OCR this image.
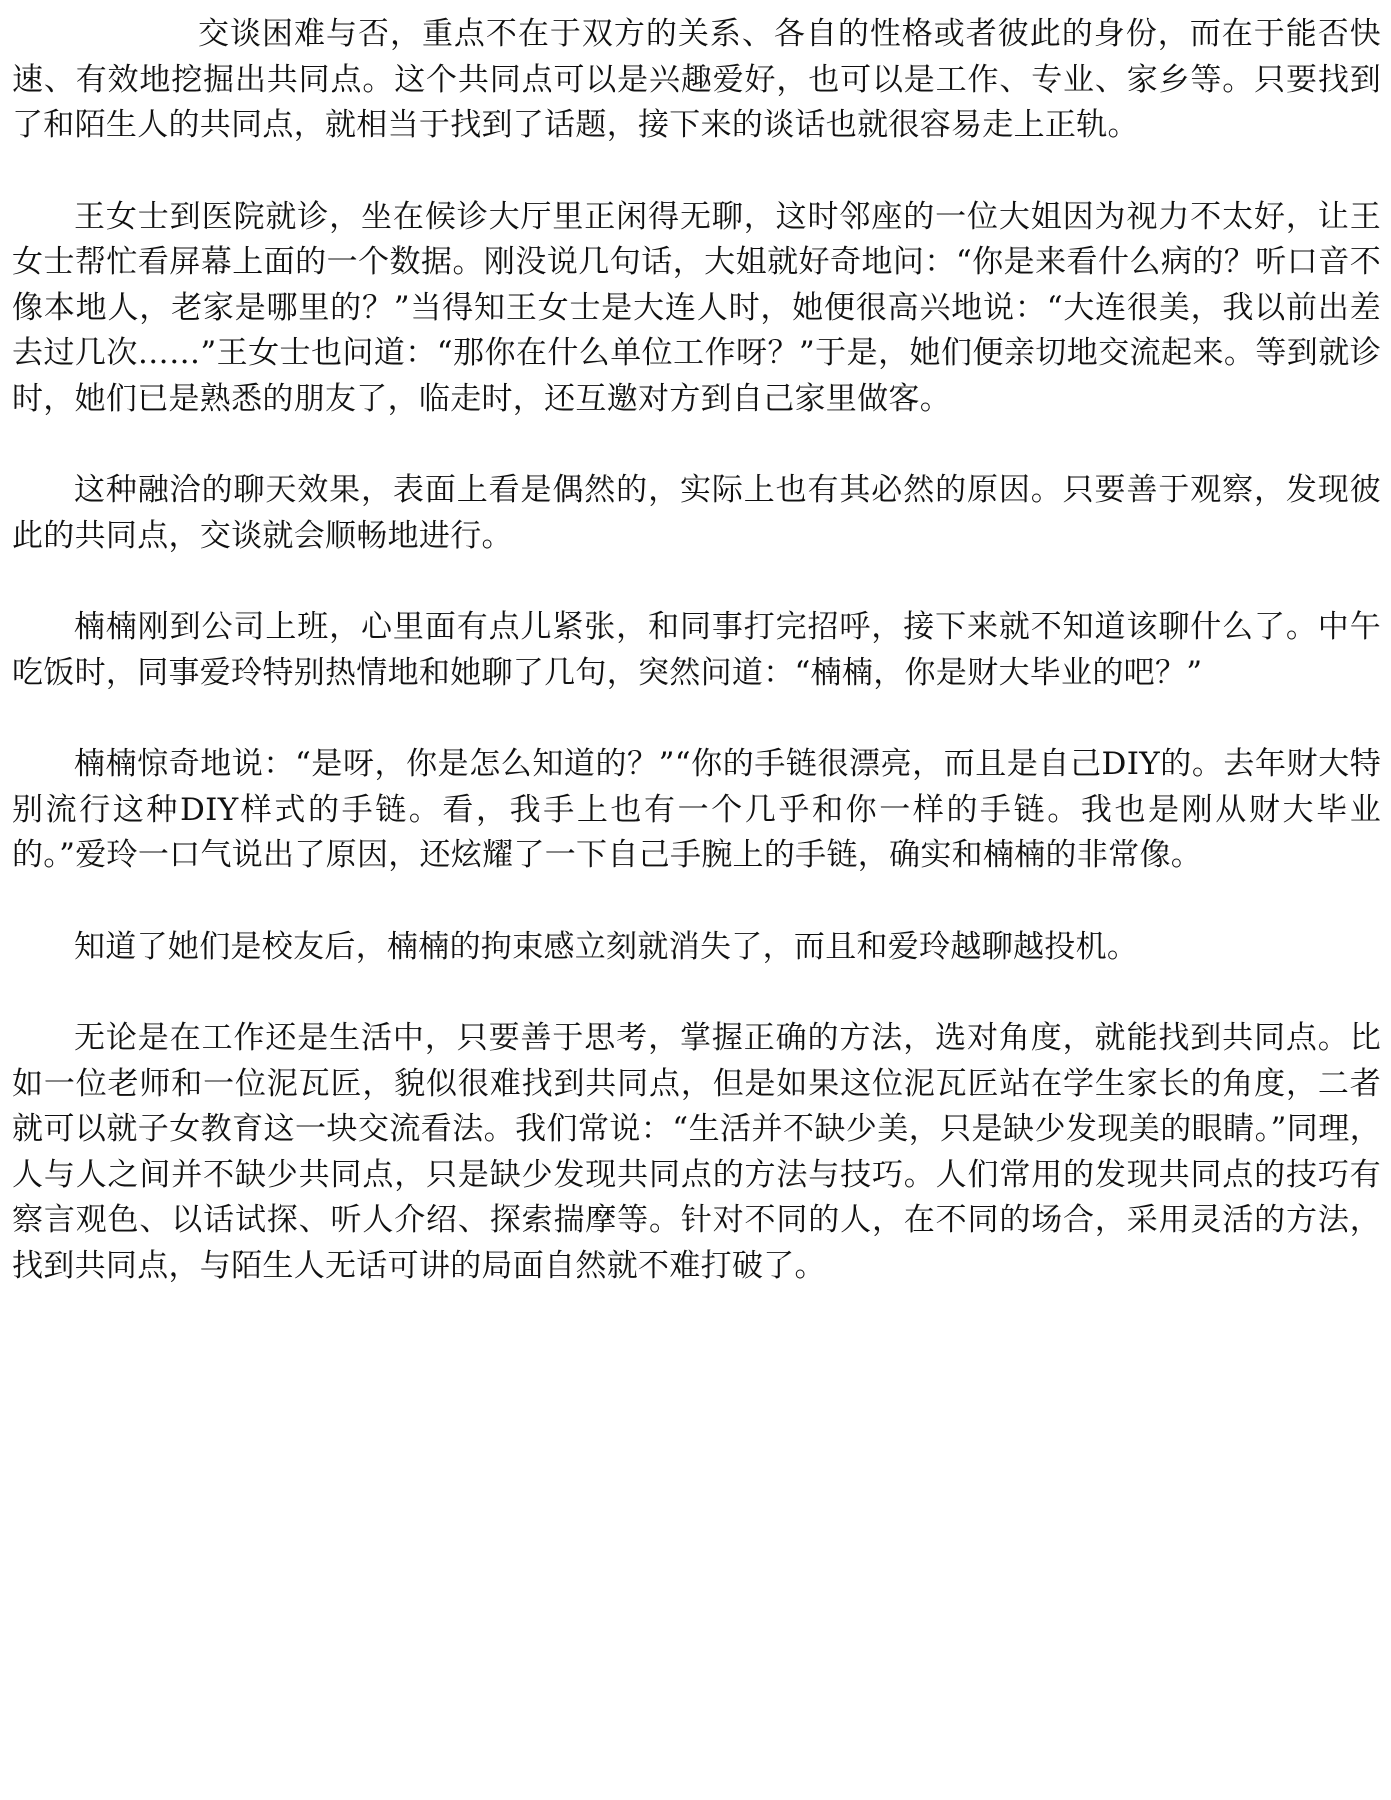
交谈困难与否，重点不在于双方的关系、各自的性格或者彼此的身份，而在于能否快速、有效地挖掘出共同点。这个共同点可以是兴趣爱好，也可以是工作、专业、家乡等。只要找到了和陌生人的共同点，就相当于找到了话题，接下来的谈话也就很容易走上正轨。

王女士到医院就诊，坐在候诊大厅里正闲得无聊，这时邻座的一位大姐因为视力不太好，让王女士帮忙看屏幕上面的一个数据。刚没说几句话，大姐就好奇地问：“你是来看什么病的？听口音不像本地人，老家是哪里的？”当得知王女士是大连人时，她便很高兴地说：“大连很美，我以前出差去过几次……”王女士也问道：“那你在什么单位工作呀？”于是，她们便亲切地交流起来。等到就诊时，她们已是熟悉的朋友了，临走时，还互邀对方到自己家里做客。

这种融洽的聊天效果，表面上看是偶然的，实际上也有其必然的原因。只要善于观察，发现彼此的共同点，交谈就会顺畅地进行。

楠楠刚到公司上班，心里面有点儿紧张，和同事打完招呼，接下来就不知道该聊什么了。中午吃饭时，同事爱玲特别热情地和她聊了几句，突然问道：“楠楠，你是财大毕业的吧？”

楠楠惊奇地说：“是呀，你是怎么知道的？”“你的手链很漂亮，而且是自己DIY的。去年财大特别流行这种DIY样式的手链。看，我手上也有一个几乎和你一样的手链。我也是刚从财大毕业的。”爱玲一口气说出了原因，还炫耀了一下自己手腕上的手链，确实和楠楠的非常像。

知道了她们是校友后，楠楠的拘束感立刻就消失了，而且和爱玲越聊越投机。

无论是在工作还是生活中，只要善于思考，掌握正确的方法，选对角度，就能找到共同点。比如一位老师和一位泥瓦匠，貌似很难找到共同点，但是如果这位泥瓦匠站在学生家长的角度，二者就可以就子女教育这一块交流看法。我们常说：“生活并不缺少美，只是缺少发现美的眼睛。”同理，人与人之间并不缺少共同点，只是缺少发现共同点的方法与技巧。人们常用的发现共同点的技巧有察言观色、以话试探、听人介绍、探索揣摩等。针对不同的人，在不同的场合，采用灵活的方法，找到共同点，与陌生人无话可讲的局面自然就不难打破了。
